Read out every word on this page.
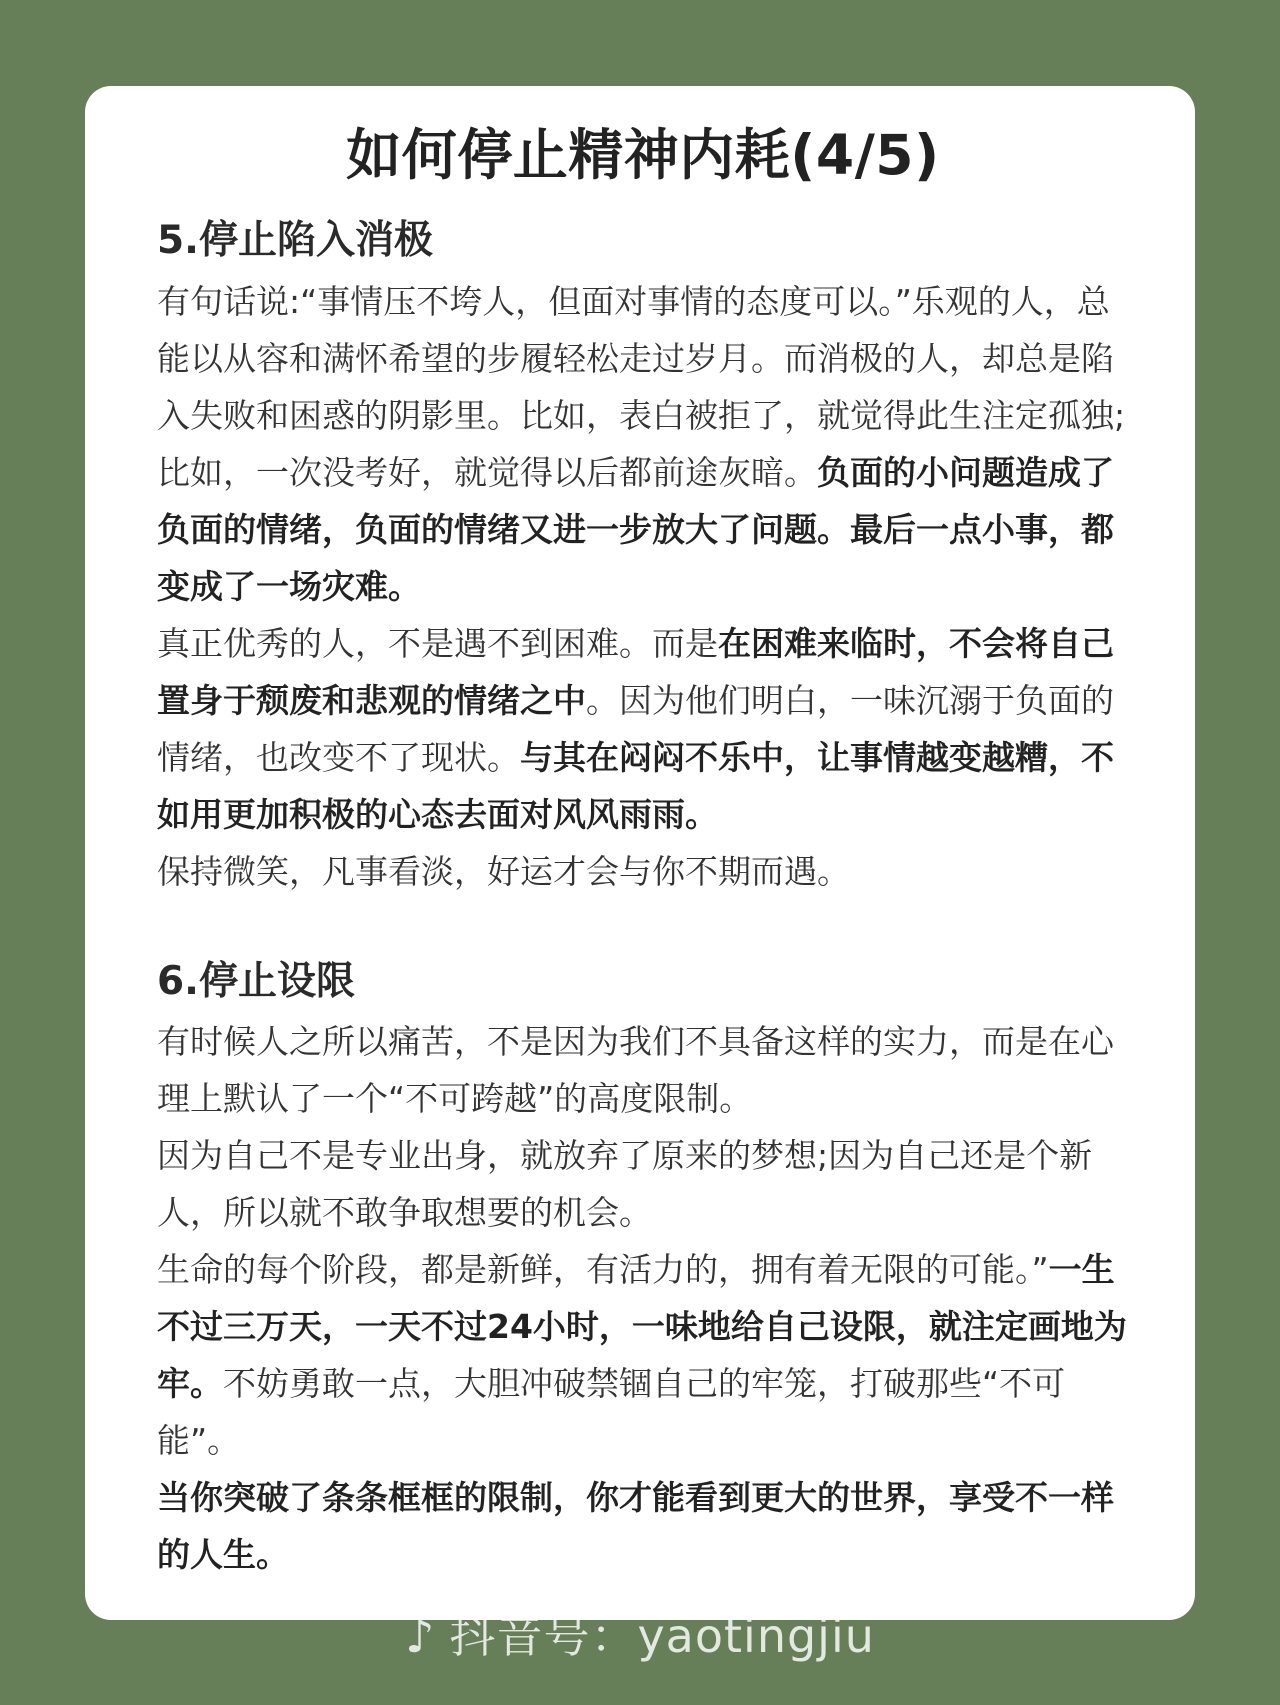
如何停止精神内耗(4/5)
5.停止陷入消极

有句话说:“事情压不垮人，但面对事情的态度可以。”乐观的人，总能以从容和满怀希望的步履轻松走过岁月。而消极的人，却总是陷入失败和困惑的阴影里。比如，表白被拒了，就觉得此生注定孤独;比如，一次没考好，就觉得以后都前途灰暗。负面的小问题造成了负面的情绪，负面的情绪又进一步放大了问题。最后一点小事，都变成了一场灾难。

真正优秀的人，不是遇不到困难。而是在困难来临时，不会将自己置身于颓废和悲观的情绪之中。因为他们明白，一味沉溺于负面的情绪，也改变不了现状。与其在闷闷不乐中，让事情越变越糟，不如用更加积极的心态去面对风风雨雨。

保持微笑，凡事看淡，好运才会与你不期而遇。

6.停止设限

有时候人之所以痛苦，不是因为我们不具备这样的实力，而是在心理上默认了一个“不可跨越”的高度限制。

因为自己不是专业出身，就放弃了原来的梦想;因为自己还是个新人，所以就不敢争取想要的机会。

生命的每个阶段，都是新鲜，有活力的，拥有着无限的可能。”一生不过三万天，一天不过24小时，一味地给自己设限，就注定画地为牢。不妨勇敢一点，大胆冲破禁锢自己的牢笼，打破那些“不可能”。

当你突破了条条框框的限制，你才能看到更大的世界，享受不一样的人生。

♪ 抖音号：yaotingjiu
